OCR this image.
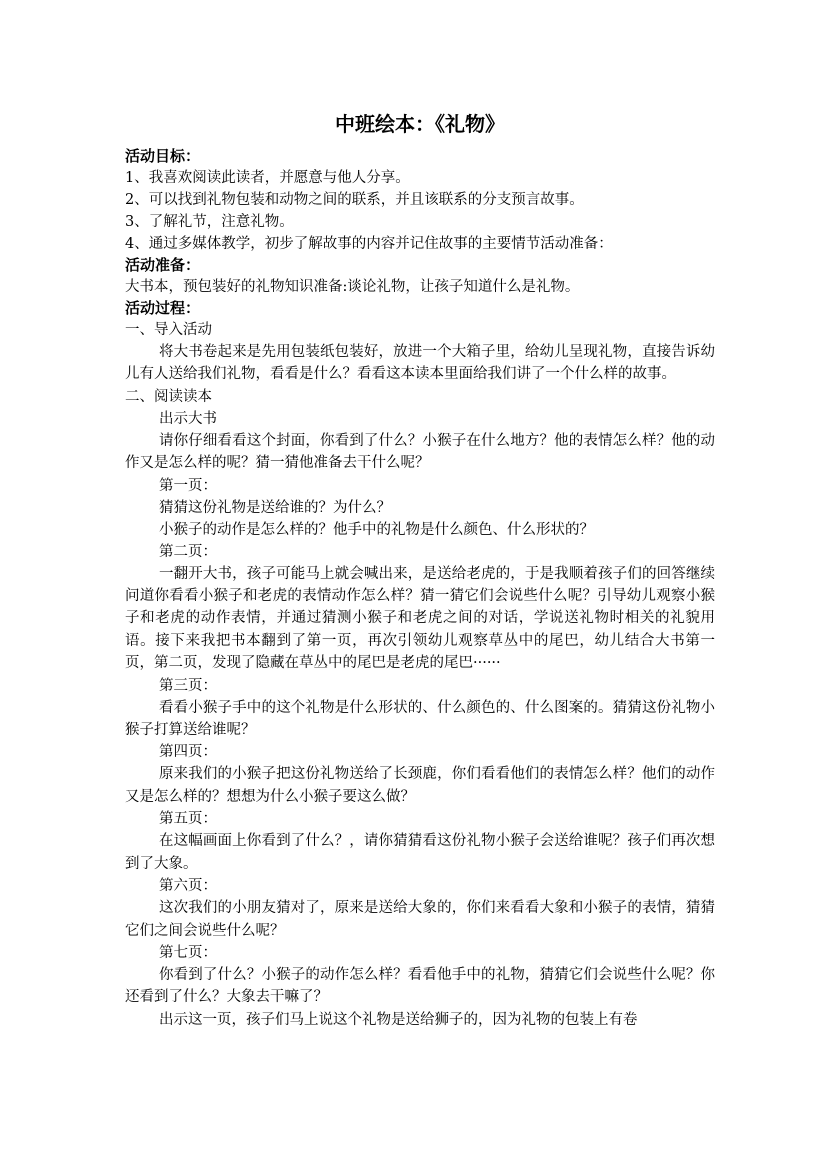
中班绘本：《礼物》
活动目标：
1、我喜欢阅读此读者，并愿意与他人分享。
2、可以找到礼物包装和动物之间的联系，并且该联系的分支预言故事。
3、了解礼节，注意礼物。
4、通过多媒体教学，初步了解故事的内容并记住故事的主要情节活动准备：
活动准备：
大书本，预包装好的礼物知识准备:谈论礼物，让孩子知道什么是礼物。
活动过程：
一、导入活动

将大书卷起来是先用包装纸包装好，放进一个大箱子里，给幼儿呈现礼物，直接告诉幼儿有人送给我们礼物，看看是什么？看看这本读本里面给我们讲了一个什么样的故事。

二、阅读读本
出示大书

请你仔细看看这个封面，你看到了什么？小猴子在什么地方？他的表情怎么样？他的动作又是怎么样的呢？猜一猜他准备去干什么呢？

第一页：
猜猜这份礼物是送给谁的？为什么？
小猴子的动作是怎么样的？他手中的礼物是什么颜色、什么形状的？
第二页：

一翻开大书，孩子可能马上就会喊出来，是送给老虎的，于是我顺着孩子们的回答继续问道你看看小猴子和老虎的表情动作怎么样？猜一猜它们会说些什么呢？引导幼儿观察小猴子和老虎的动作表情，并通过猜测小猴子和老虎之间的对话，学说送礼物时相关的礼貌用语。接下来我把书本翻到了第一页，再次引领幼儿观察草丛中的尾巴，幼儿结合大书第一页，第二页，发现了隐藏在草丛中的尾巴是老虎的尾巴······

第三页：

看看小猴子手中的这个礼物是什么形状的、什么颜色的、什么图案的。猜猜这份礼物小猴子打算送给谁呢？

第四页：

原来我们的小猴子把这份礼物送给了长颈鹿，你们看看他们的表情怎么样？他们的动作又是怎么样的？想想为什么小猴子要这么做？

第五页：

在这幅画面上你看到了什么？，请你猜猜看这份礼物小猴子会送给谁呢？孩子们再次想到了大象。

第六页：

这次我们的小朋友猜对了，原来是送给大象的，你们来看看大象和小猴子的表情，猜猜它们之间会说些什么呢？

第七页：

你看到了什么？小猴子的动作怎么样？看看他手中的礼物，猜猜它们会说些什么呢？你还看到了什么？大象去干嘛了？

出示这一页，孩子们马上说这个礼物是送给狮子的，因为礼物的包装上有卷
